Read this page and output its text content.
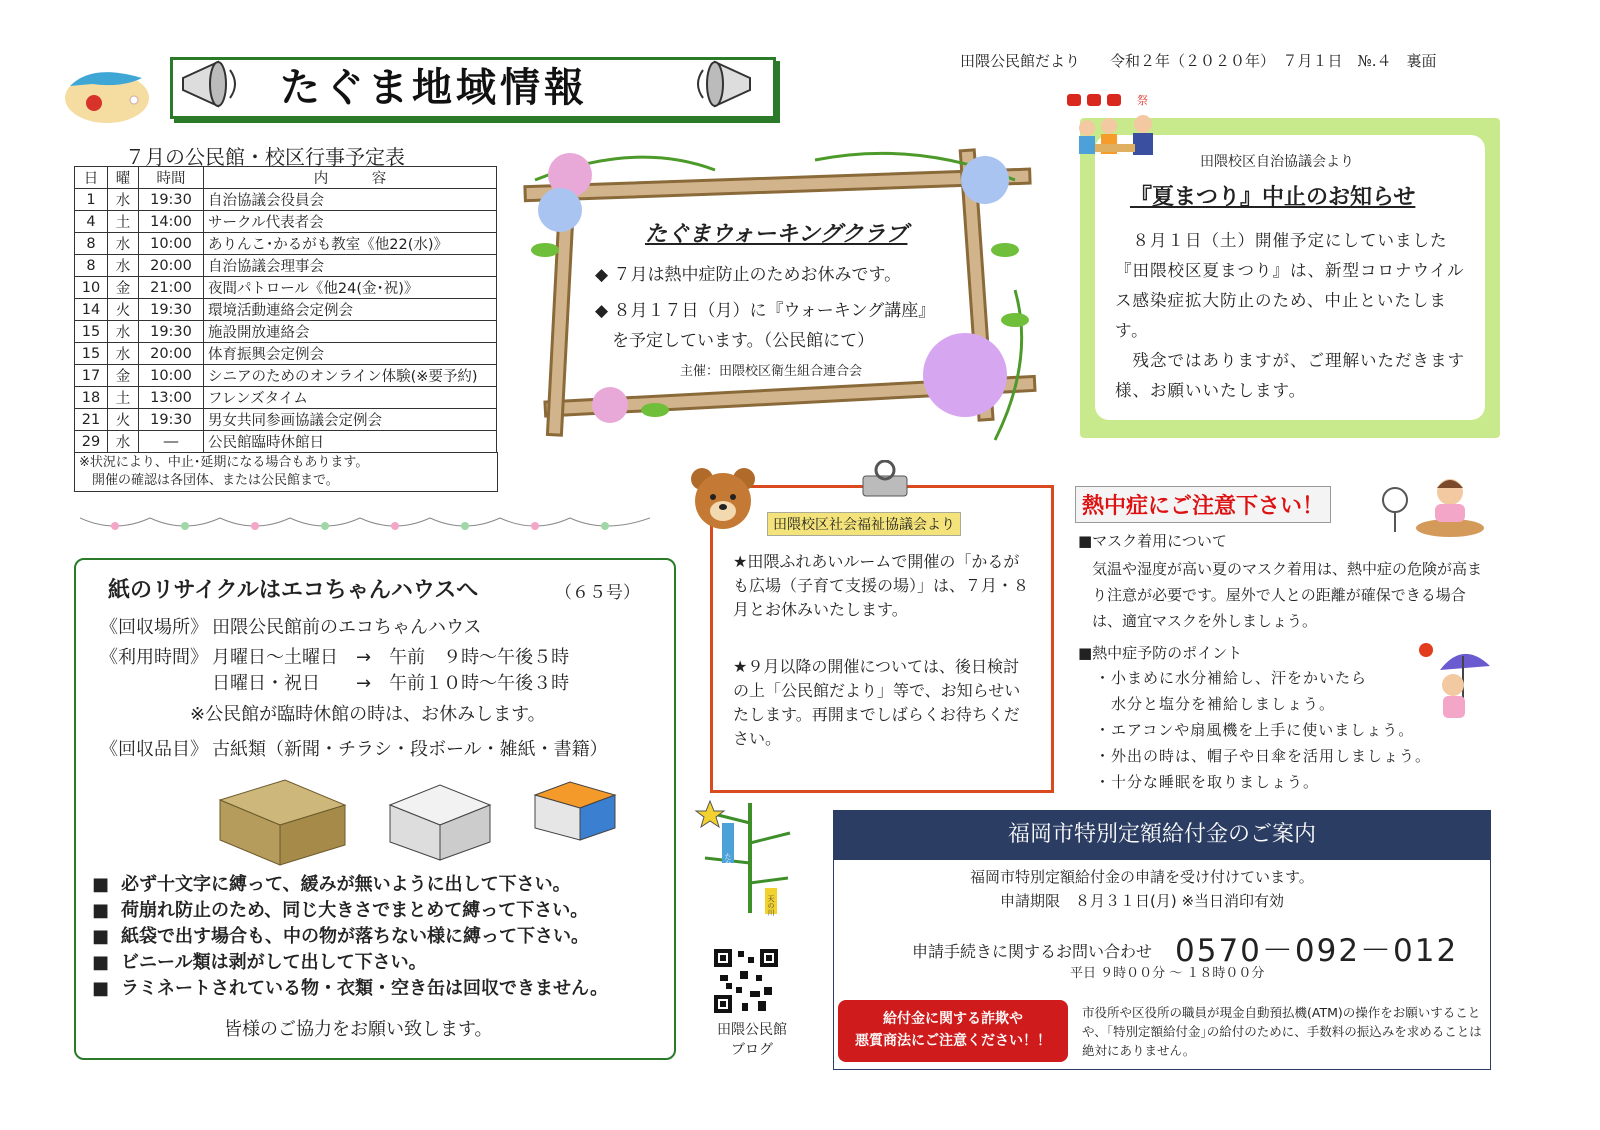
たぐま地域情報
田隈公民館だより　　令和２年（２０２０年）　７月１日　№.４　裏面
７月の公民館・校区行事予定表
日	曜	時間	内　　　容
1	水	19:30	自治協議会役員会
4	土	14:00	サークル代表者会
8	水	10:00	ありんこ･かるがも教室《他22(水)》
8	水	20:00	自治協議会理事会
10	金	21:00	夜間パトロール《他24(金･祝)》
14	火	19:30	環境活動連絡会定例会
15	水	19:30	施設開放連絡会
15	水	20:00	体育振興会定例会
17	金	10:00	シニアのためのオンライン体験(※要予約)
18	土	13:00	フレンズタイム
21	火	19:30	男女共同参画協議会定例会
29	水	―	公民館臨時休館日
※状況により、中止･延期になる場合もあります。
　開催の確認は各団体、または公民館まで。
紙のリサイクルはエコちゃんハウスへ	（６５号）
《回収場所》 田隈公民館前のエコちゃんハウス
《利用時間》 月曜日～土曜日　→　午前　９時～午後５時
日曜日・祝日　　→　午前１０時～午後３時
※公民館が臨時休館の時は、お休みします。
《回収品目》 古紙類（新聞・チラシ・段ボール・雑紙・書籍）
■ 必ず十文字に縛って、緩みが無いように出して下さい。
■ 荷崩れ防止のため、同じ大きさでまとめて縛って下さい。
■ 紙袋で出す場合も、中の物が落ちない様に縛って下さい。
■ ビニール類は剥がして出して下さい。
■ ラミネートされている物・衣類・空き缶は回収できません。
皆様のご協力をお願い致します。
たぐまウォーキングクラブ
◆ ７月は熱中症防止のためお休みです。
◆ ８月１７日（月）に『ウォーキング講座』
　を予定しています。（公民館にて）
主催：田隈校区衛生組合連合会
祭
田隈校区自治協議会より
『夏まつり』中止のお知らせ
　８月１日（土）開催予定にしていました『田隈校区夏まつり』は、新型コロナウイルス感染症拡大防止のため、中止といたします。
　残念ではありますが、ご理解いただきます様、お願いいたします。
田隈校区社会福祉協議会より
★田隈ふれあいルームで開催の「かるがも広場（子育て支援の場）」は、７月・８月とお休みいたします。
★９月以降の開催については、後日検討の上「公民館だより」等で、お知らせいたします。再開までしばらくお待ちください。
熱中症にご注意下さい！
■マスク着用について
気温や湿度が高い夏のマスク着用は、熱中症の危険が高まり注意が必要です。屋外で人との距離が確保できる場合は、適宜マスクを外しましょう。
■熱中症予防のポイント
・小まめに水分補給し、汗をかいたら
　水分と塩分を補給しましょう。
・エアコンや扇風機を上手に使いましょう。
・外出の時は、帽子や日傘を活用しましょう。
・十分な睡眠を取りましょう。
たなばた
天の川
田隈公民館
ブログ
福岡市特別定額給付金のご案内
福岡市特別定額給付金の申請を受け付けています。
申請期限　８月３１日(月) ※当日消印有効
申請手続きに関するお問い合わせ 0570－092－012
平日 ９時００分 ～ １８時００分
給付金に関する詐欺や
悪質商法にご注意ください！！
市役所や区役所の職員が現金自動預払機(ATM)の操作をお願いすることや、｢特別定額給付金｣の給付のために、手数料の振込みを求めることは絶対にありません。
